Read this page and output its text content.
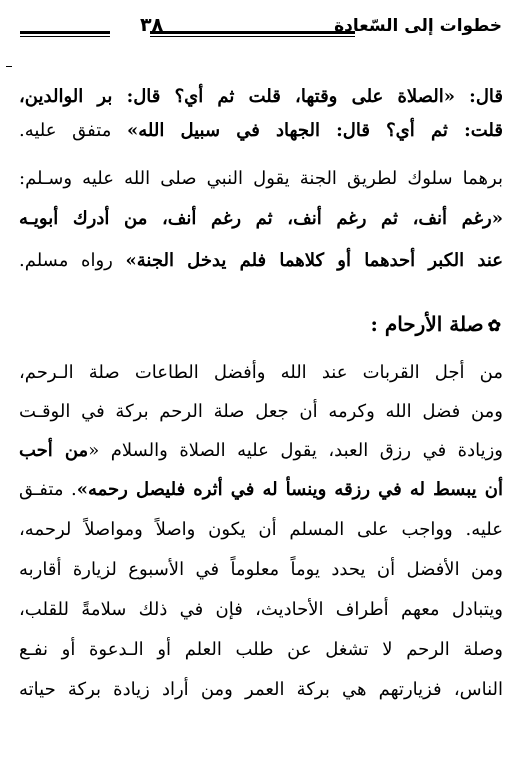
خطوات إلى السّعادة
٣٨
قال: «الصلاة على وقتها، قلت ثم أي؟ قال: بر الوالدين،
قلت: ثم أي؟ قال: الجهاد في سبيل الله» متفق عليه.
برهما سلوك لطريق الجنة يقول النبي صلى الله عليه وسـلم:
«رغم أنف، ثم رغم أنف، ثم رغم أنف، من أدرك أبويـه
عند الكبر أحدهما أو كلاهما فلم يدخل الجنة» رواه مسلم.
✿صلة الأرحام :
من أجل القربات عند الله وأفضل الطاعات صلة الـرحم،
ومن فضل الله وكرمه أن جعل صلة الرحم بركة في الوقـت
وزيادة في رزق العبد، يقول عليه الصلاة والسلام «من أحب
أن يبسط له في رزقه وينسأ له في أثره فليصل رحمه». متفـق
عليه. وواجب على المسلم أن يكون واصلاً ومواصلاً لرحمه،
ومن الأفضل أن يحدد يوماً معلوماً في الأسبوع لزيارة أقاربه
ويتبادل معهم أطراف الأحاديث، فإن في ذلك سلامةً للقلب،
وصلة الرحم لا تشغل عن طلب العلم أو الـدعوة أو نفـع
الناس، فزيارتهم هي بركة العمر ومن أراد زيادة بركة حياته
